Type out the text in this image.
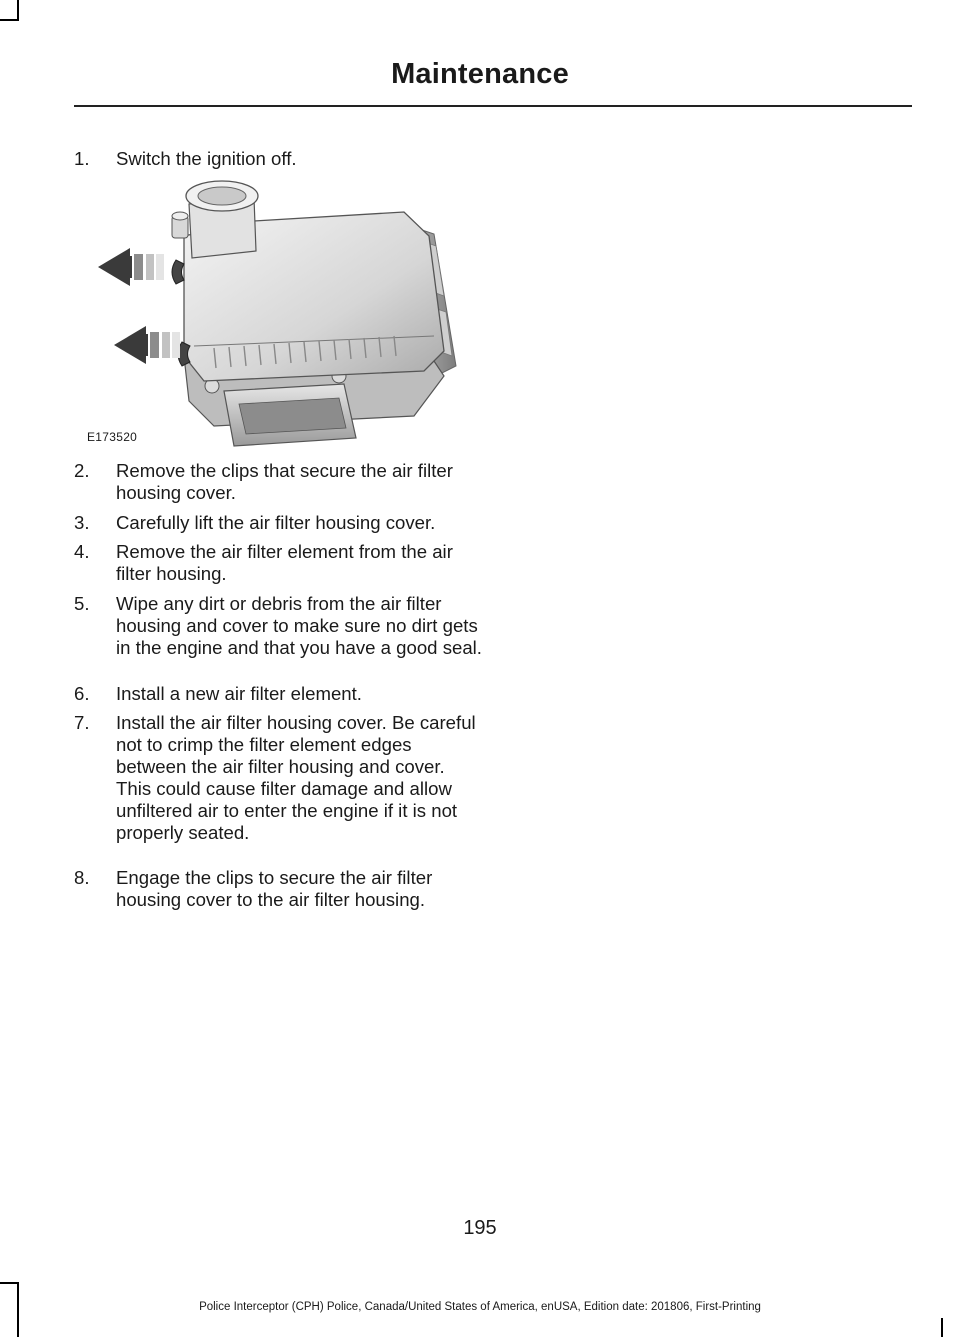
Maintenance
1. Switch the ignition off.
2. Remove the clips that secure the air filter housing cover.
3. Carefully lift the air filter housing cover.
4. Remove the air filter element from the air filter housing.
5. Wipe any dirt or debris from the air filter housing and cover to make sure no dirt gets in the engine and that you have a good seal.
6. Install a new air filter element.
7. Install the air filter housing cover. Be careful not to crimp the filter element edges between the air filter housing and cover. This could cause filter damage and allow unfiltered air to enter the engine if it is not properly seated.
8. Engage the clips to secure the air filter housing cover to the air filter housing.
E173520
195
Police Interceptor (CPH) Police, Canada/United States of America, enUSA, Edition date: 201806, First-Printing
